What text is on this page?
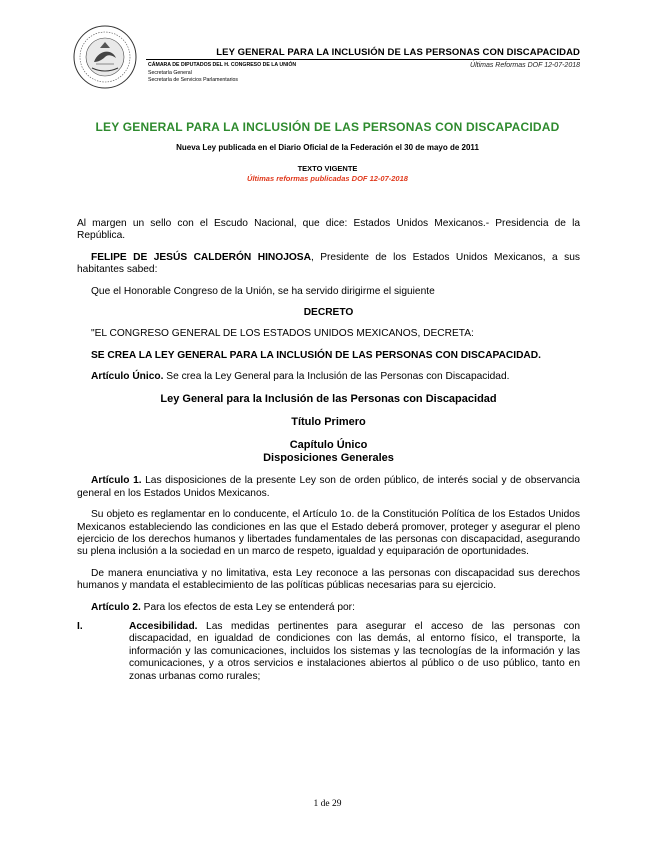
LEY GENERAL PARA LA INCLUSIÓN DE LAS PERSONAS CON DISCAPACIDAD
CÁMARA DE DIPUTADOS DEL H. CONGRESO DE LA UNIÓN
Secretaría General
Secretaría de Servicios Parlamentarios
Últimas Reformas DOF 12-07-2018
LEY GENERAL PARA LA INCLUSIÓN DE LAS PERSONAS CON DISCAPACIDAD
Nueva Ley publicada en el Diario Oficial de la Federación el 30 de mayo de 2011
TEXTO VIGENTE
Últimas reformas publicadas DOF 12-07-2018

Al margen un sello con el Escudo Nacional, que dice: Estados Unidos Mexicanos.- Presidencia de la República.

FELIPE DE JESÚS CALDERÓN HINOJOSA, Presidente de los Estados Unidos Mexicanos, a sus habitantes sabed:

Que el Honorable Congreso de la Unión, se ha servido dirigirme el siguiente

DECRETO

"EL CONGRESO GENERAL DE LOS ESTADOS UNIDOS MEXICANOS, DECRETA:

SE CREA LA LEY GENERAL PARA LA INCLUSIÓN DE LAS PERSONAS CON DISCAPACIDAD.

Artículo Único. Se crea la Ley General para la Inclusión de las Personas con Discapacidad.

Ley General para la Inclusión de las Personas con Discapacidad

Título Primero

Capítulo Único

Disposiciones Generales

Artículo 1. Las disposiciones de la presente Ley son de orden público, de interés social y de observancia general en los Estados Unidos Mexicanos.

Su objeto es reglamentar en lo conducente, el Artículo 1o. de la Constitución Política de los Estados Unidos Mexicanos estableciendo las condiciones en las que el Estado deberá promover, proteger y asegurar el pleno ejercicio de los derechos humanos y libertades fundamentales de las personas con discapacidad, asegurando su plena inclusión a la sociedad en un marco de respeto, igualdad y equiparación de oportunidades.

De manera enunciativa y no limitativa, esta Ley reconoce a las personas con discapacidad sus derechos humanos y mandata el establecimiento de las políticas públicas necesarias para su ejercicio.

Artículo 2. Para los efectos de esta Ley se entenderá por:

I.	Accesibilidad. Las medidas pertinentes para asegurar el acceso de las personas con discapacidad, en igualdad de condiciones con las demás, al entorno físico, el transporte, la información y las comunicaciones, incluidos los sistemas y las tecnologías de la información y las comunicaciones, y a otros servicios e instalaciones abiertos al público o de uso público, tanto en zonas urbanas como rurales;
1 de 29
